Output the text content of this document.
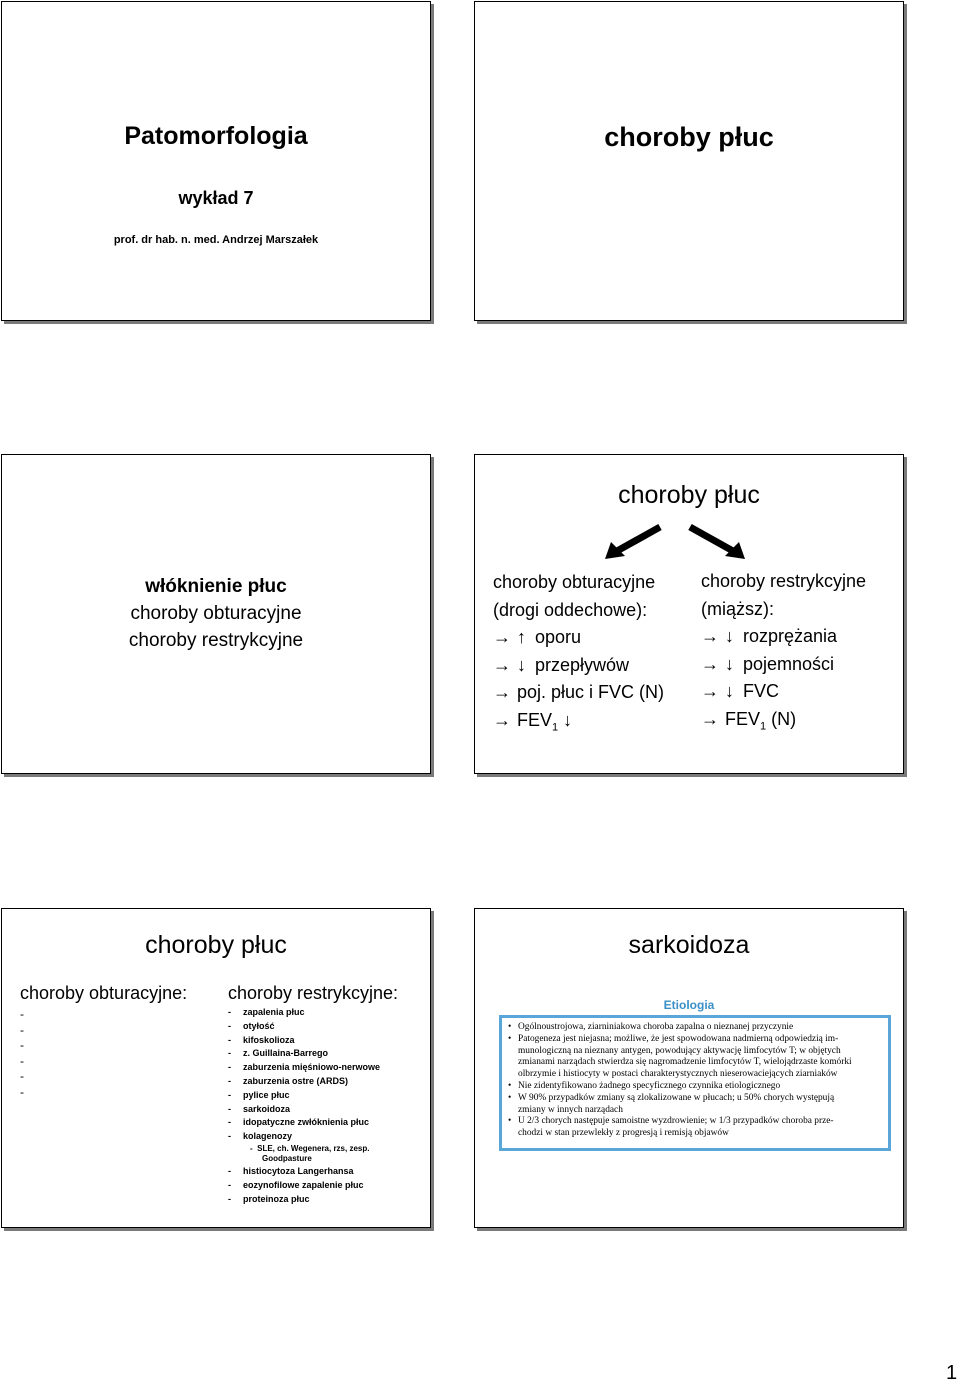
Patomorfologia
wykład 7
prof. dr hab. n. med. Andrzej Marszałek
choroby płuc
włóknienie płuc
choroby obturacyjne
choroby restrykcyjne
choroby płuc
choroby obturacyjne
(drogi oddechowe):
→ ↑ oporu
→ ↓ przepływów
→ poj. płuc i FVC (N)
→ $FEV_1$ ↓
choroby restrykcyjne
(miąższ):
→ ↓ rozprężania
→ ↓ pojemności
→ ↓ FVC
→ $FEV_1$ (N)
choroby płuc
choroby obturacyjne:
-
-
-
-
-
-
choroby restrykcyjne:
- zapalenia płuc
- otyłość
- kifoskolioza
- z. Guillaina-Barrego
- zaburzenia mięśniowo-nerwowe
- zaburzenia ostre (ARDS)
- pylice płuc
- sarkoidoza
- idopatyczne zwłóknienia płuc
- kolagenozy
- SLE, ch. Wegenera, rzs, zesp.
Goodpasture
- histiocytoza Langerhansa
- eozynofilowe zapalenie płuc
- proteinoza płuc
sarkoidoza
Etiologia
• Ogólnoustrojowa, ziarniniakowa choroba zapalna o nieznanej przyczynie
• Patogeneza jest niejasna; możliwe, że jest spowodowana nadmierną odpowiedzią im-
munologiczną na nieznany antygen, powodujący aktywację limfocytów T; w objętych
zmianami narządach stwierdza się nagromadzenie limfocytów T, wielojądrzaste komórki
olbrzymie i histiocyty w postaci charakterystycznych nieserowaciejących ziarniaków
• Nie zidentyfikowano żadnego specyficznego czynnika etiologicznego
• W 90% przypadków zmiany są zlokalizowane w płucach; u 50% chorych występują
zmiany w innych narządach
• U 2/3 chorych następuje samoistne wyzdrowienie; w 1/3 przypadków choroba prze-
chodzi w stan przewlekły z progresją i remisją objawów
1
